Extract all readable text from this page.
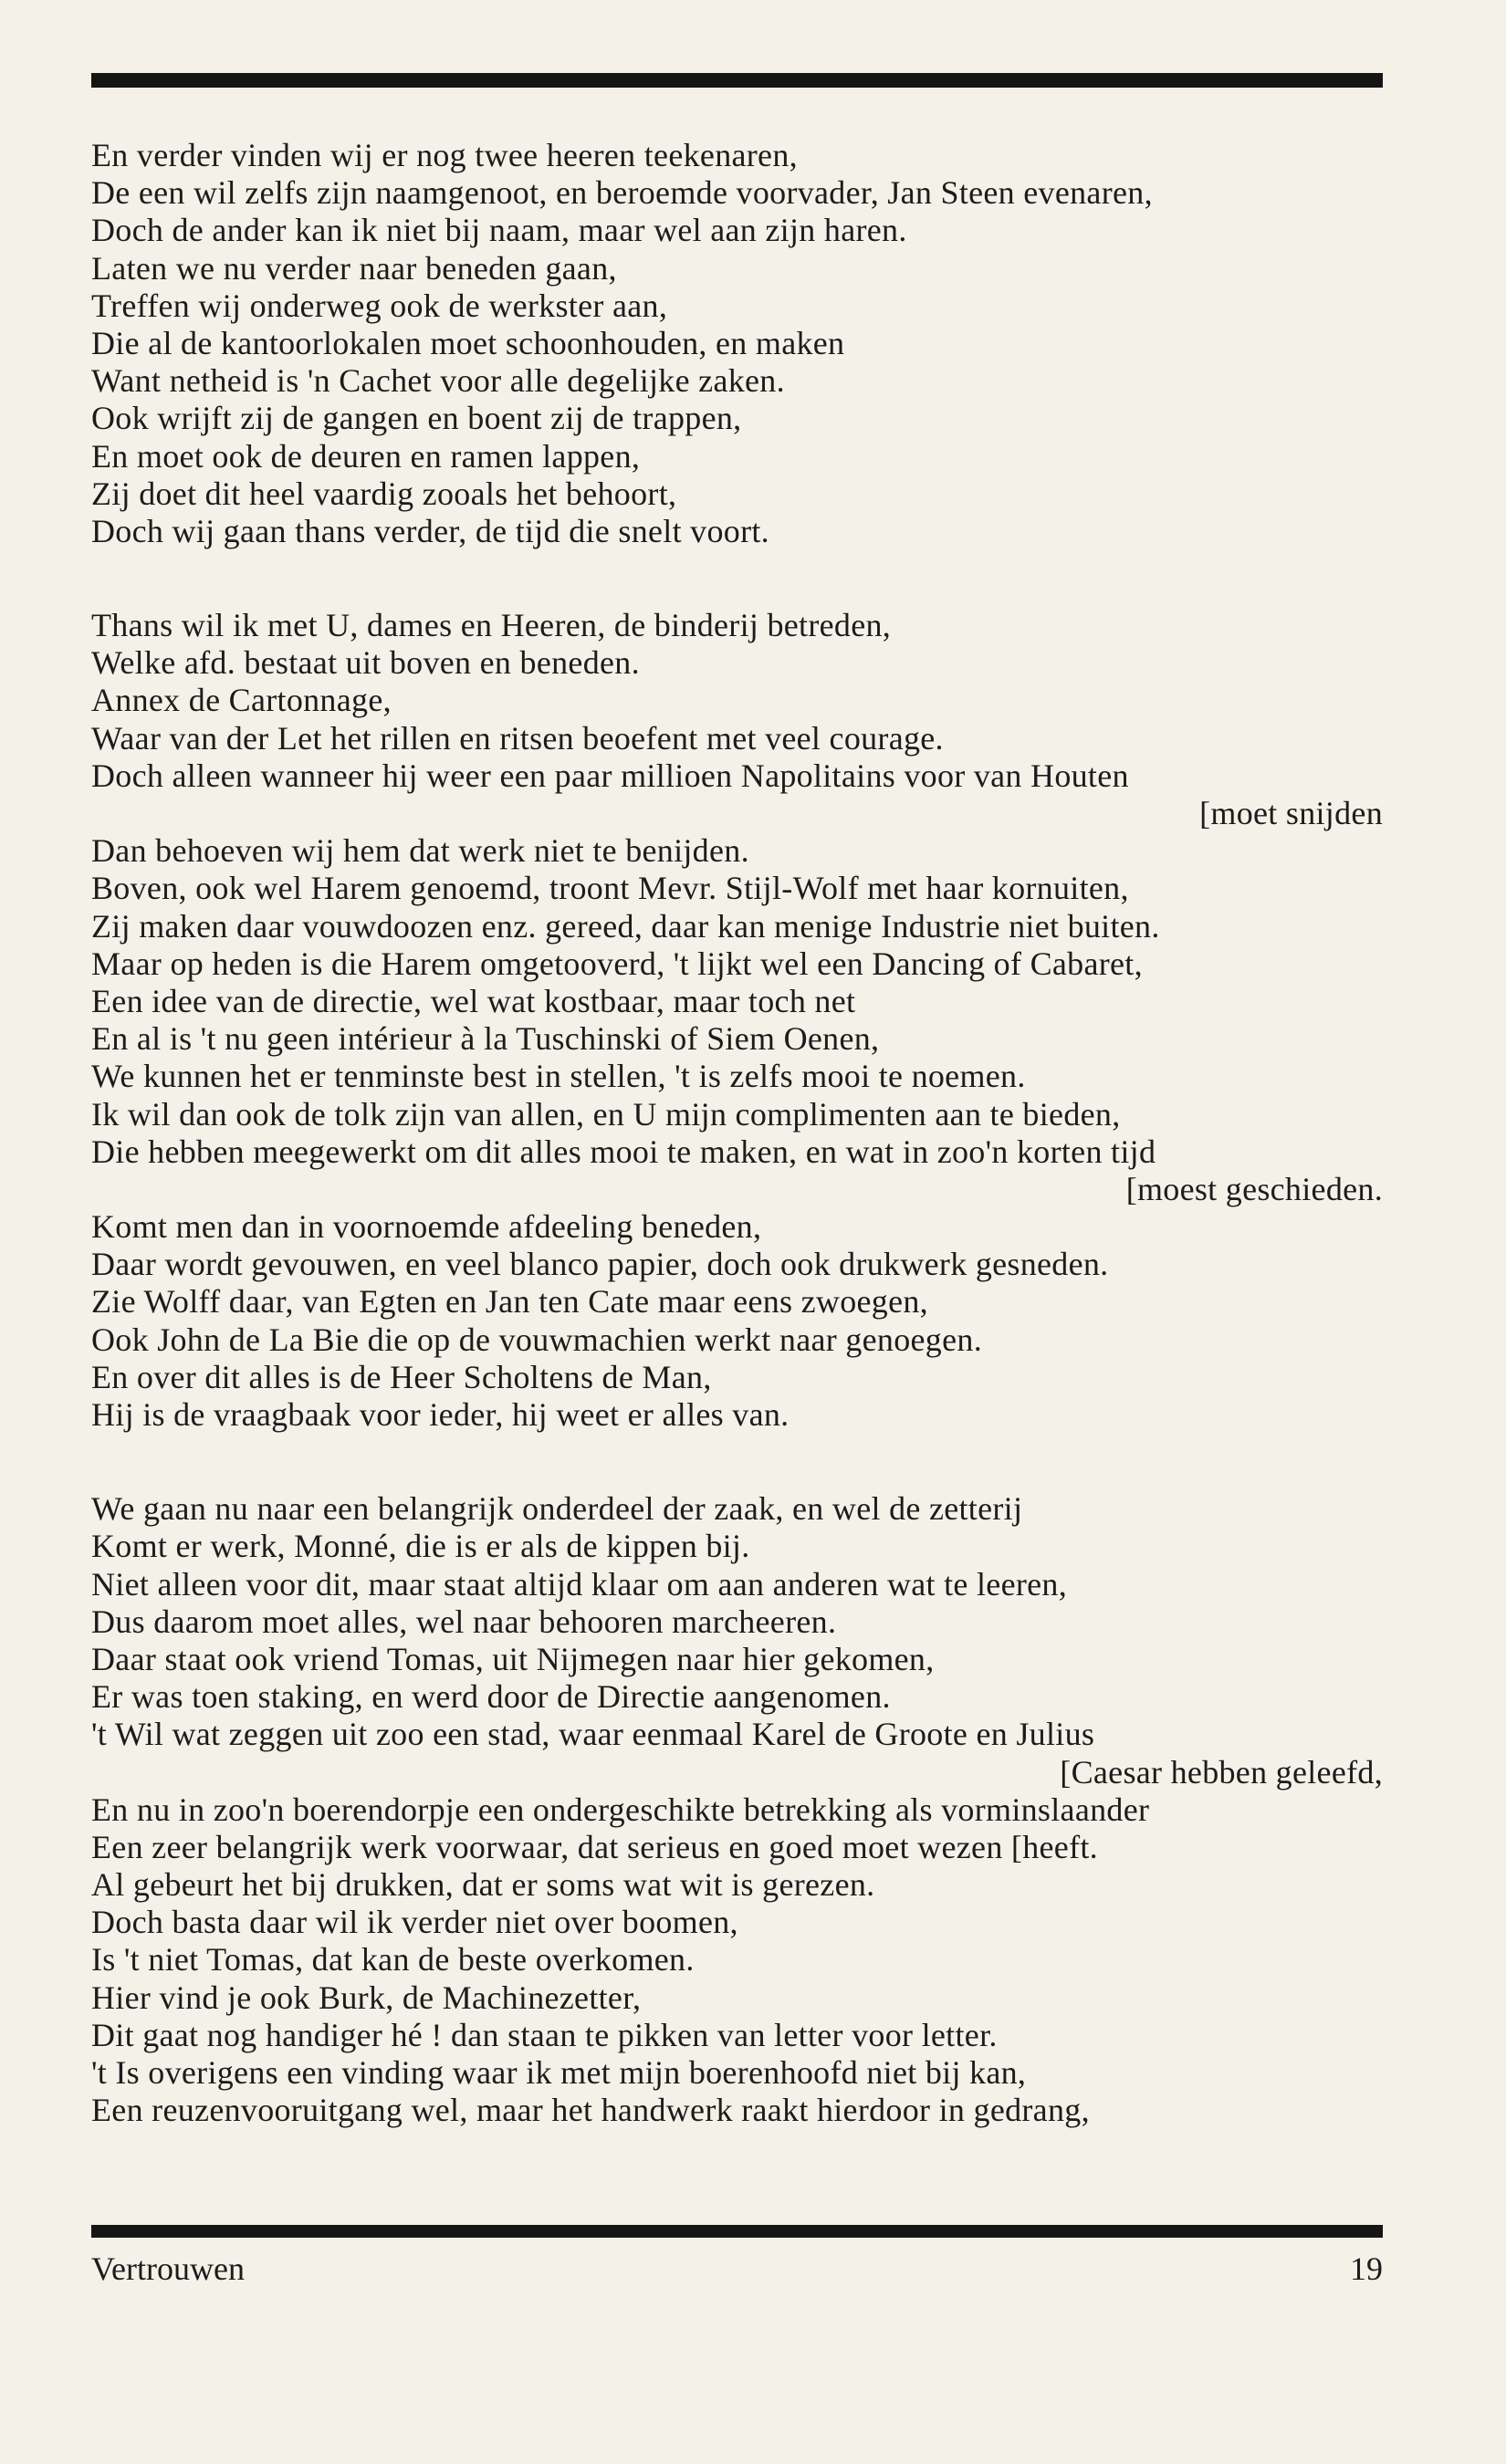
En verder vinden wij er nog twee heeren teekenaren,
De een wil zelfs zijn naamgenoot, en beroemde voorvader, Jan Steen evenaren,
Doch de ander kan ik niet bij naam, maar wel aan zijn haren.
Laten we nu verder naar beneden gaan,
Treffen wij onderweg ook de werkster aan,
Die al de kantoorlokalen moet schoonhouden, en maken
Want netheid is 'n Cachet voor alle degelijke zaken.
Ook wrijft zij de gangen en boent zij de trappen,
En moet ook de deuren en ramen lappen,
Zij doet dit heel vaardig zooals het behoort,
Doch wij gaan thans verder, de tijd die snelt voort.
Thans wil ik met U, dames en Heeren, de binderij betreden,
Welke afd. bestaat uit boven en beneden.
Annex de Cartonnage,
Waar van der Let het rillen en ritsen beoefent met veel courage.
Doch alleen wanneer hij weer een paar millioen Napolitains voor van Houten
[moet snijden
Dan behoeven wij hem dat werk niet te benijden.
Boven, ook wel Harem genoemd, troont Mevr. Stijl-Wolf met haar kornuiten,
Zij maken daar vouwdoozen enz. gereed, daar kan menige Industrie niet buiten.
Maar op heden is die Harem omgetooverd, 't lijkt wel een Dancing of Cabaret,
Een idee van de directie, wel wat kostbaar, maar toch net
En al is 't nu geen intérieur à la Tuschinski of Siem Oenen,
We kunnen het er tenminste best in stellen, 't is zelfs mooi te noemen.
Ik wil dan ook de tolk zijn van allen, en U mijn complimenten aan te bieden,
Die hebben meegewerkt om dit alles mooi te maken, en wat in zoo'n korten tijd
[moest geschieden.
Komt men dan in voornoemde afdeeling beneden,
Daar wordt gevouwen, en veel blanco papier, doch ook drukwerk gesneden.
Zie Wolff daar, van Egten en Jan ten Cate maar eens zwoegen,
Ook John de La Bie die op de vouwmachien werkt naar genoegen.
En over dit alles is de Heer Scholtens de Man,
Hij is de vraagbaak voor ieder, hij weet er alles van.
We gaan nu naar een belangrijk onderdeel der zaak, en wel de zetterij
Komt er werk, Monné, die is er als de kippen bij.
Niet alleen voor dit, maar staat altijd klaar om aan anderen wat te leeren,
Dus daarom moet alles, wel naar behooren marcheeren.
Daar staat ook vriend Tomas, uit Nijmegen naar hier gekomen,
Er was toen staking, en werd door de Directie aangenomen.
't Wil wat zeggen uit zoo een stad, waar eenmaal Karel de Groote en Julius
[Caesar hebben geleefd,
En nu in zoo'n boerendorpje een ondergeschikte betrekking als vorminslaander
Een zeer belangrijk werk voorwaar, dat serieus en goed moet wezen [heeft.
Al gebeurt het bij drukken, dat er soms wat wit is gerezen.
Doch basta daar wil ik verder niet over boomen,
Is 't niet Tomas, dat kan de beste overkomen.
Hier vind je ook Burk, de Machinezetter,
Dit gaat nog handiger hé ! dan staan te pikken van letter voor letter.
't Is overigens een vinding waar ik met mijn boerenhoofd niet bij kan,
Een reuzenvooruitgang wel, maar het handwerk raakt hierdoor in gedrang,
Vertrouwen	19
